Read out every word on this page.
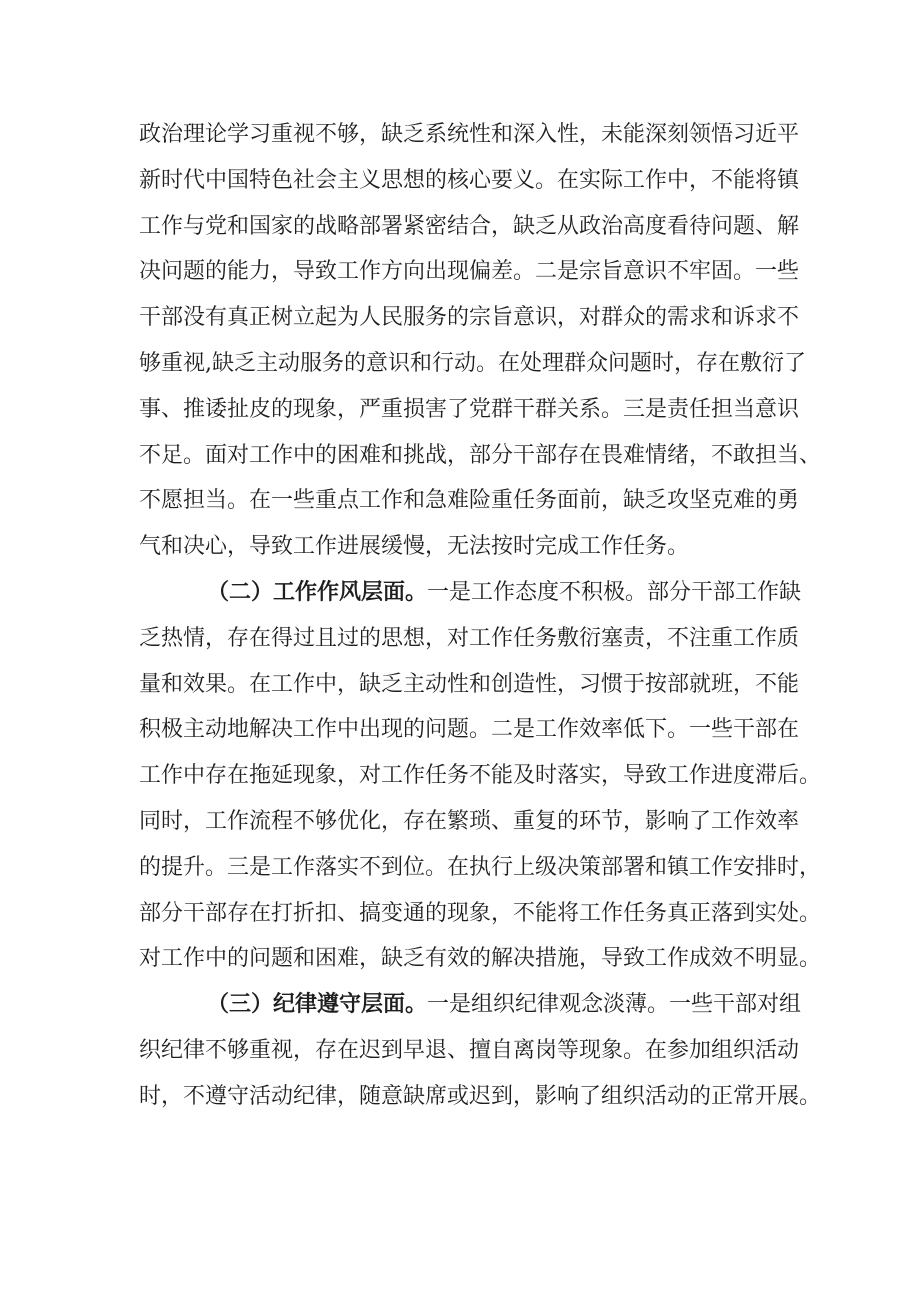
政治理论学习重视不够，缺乏系统性和深入性，未能深刻领悟习近平
新时代中国特色社会主义思想的核心要义。在实际工作中，不能将镇
工作与党和国家的战略部署紧密结合，缺乏从政治高度看待问题、解
决问题的能力，导致工作方向出现偏差。二是宗旨意识不牢固。一些
干部没有真正树立起为人民服务的宗旨意识，对群众的需求和诉求不
够重视,缺乏主动服务的意识和行动。在处理群众问题时，存在敷衍了
事、推诿扯皮的现象，严重损害了党群干群关系。三是责任担当意识
不足。面对工作中的困难和挑战，部分干部存在畏难情绪，不敢担当、
不愿担当。在一些重点工作和急难险重任务面前，缺乏攻坚克难的勇
气和决心，导致工作进展缓慢，无法按时完成工作任务。
（二）工作作风层面。一是工作态度不积极。部分干部工作缺
乏热情，存在得过且过的思想，对工作任务敷衍塞责，不注重工作质
量和效果。在工作中，缺乏主动性和创造性，习惯于按部就班，不能
积极主动地解决工作中出现的问题。二是工作效率低下。一些干部在
工作中存在拖延现象，对工作任务不能及时落实，导致工作进度滞后。
同时，工作流程不够优化，存在繁琐、重复的环节，影响了工作效率
的提升。三是工作落实不到位。在执行上级决策部署和镇工作安排时，
部分干部存在打折扣、搞变通的现象，不能将工作任务真正落到实处。
对工作中的问题和困难，缺乏有效的解决措施，导致工作成效不明显。
（三）纪律遵守层面。一是组织纪律观念淡薄。一些干部对组
织纪律不够重视，存在迟到早退、擅自离岗等现象。在参加组织活动
时，不遵守活动纪律，随意缺席或迟到，影响了组织活动的正常开展。
